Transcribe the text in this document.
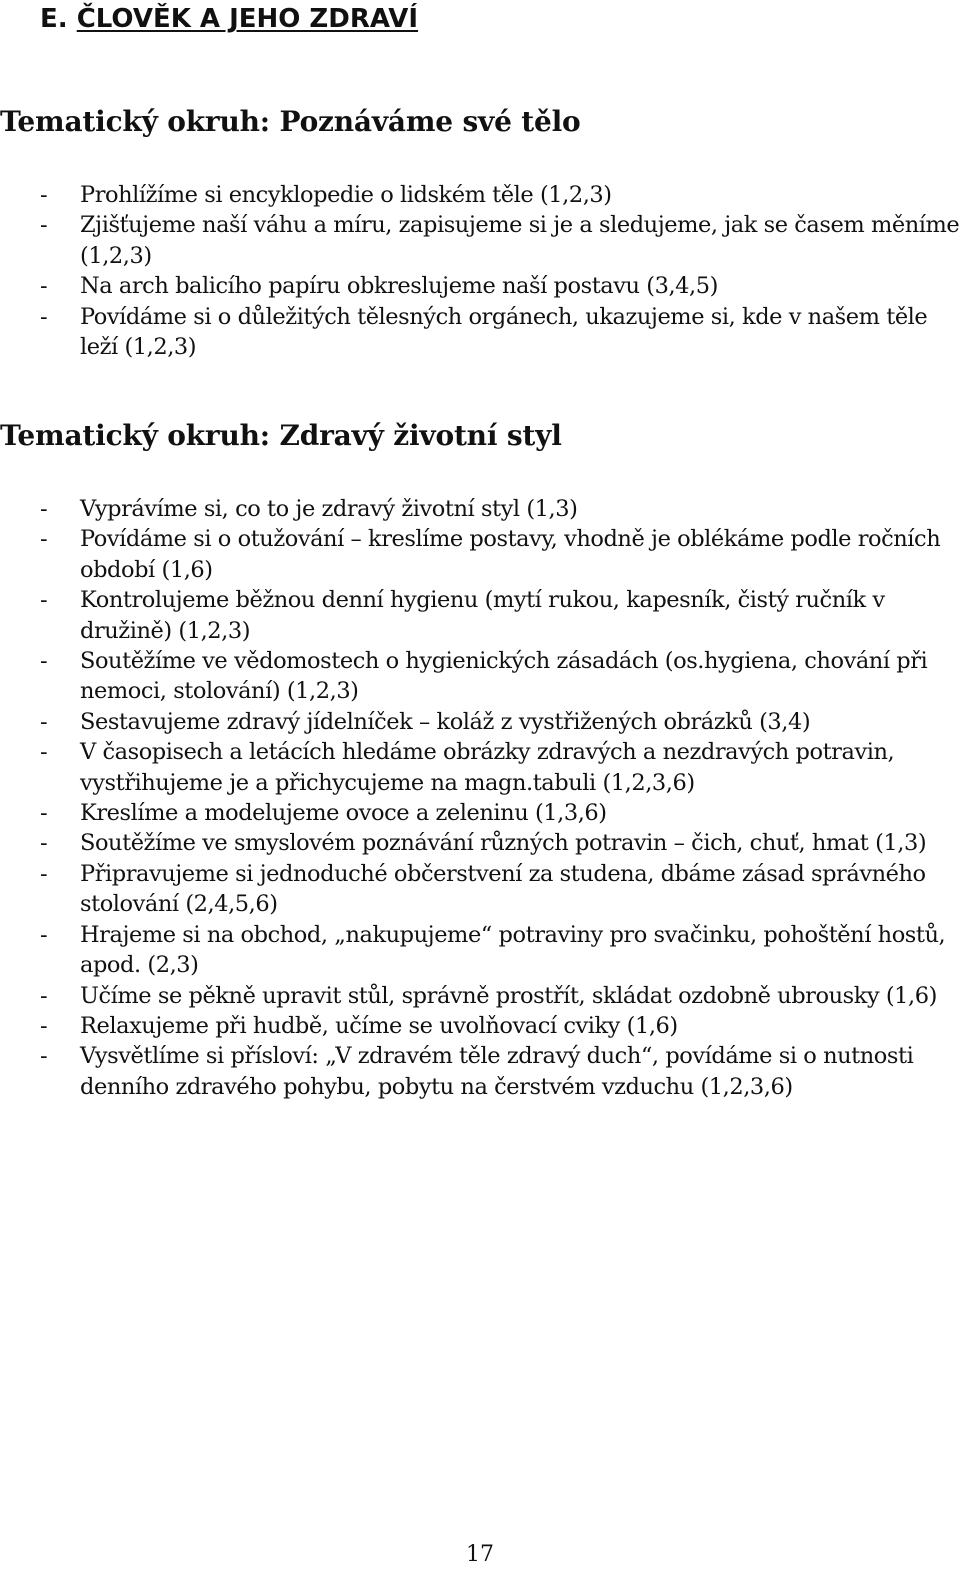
E. ČLOVĚK A JEHO ZDRAVÍ
Tematický okruh: Poznáváme své tělo
- Prohlížíme si encyklopedie o lidském těle (1,2,3)
- Zjišťujeme naší váhu a míru, zapisujeme si je a sledujeme, jak se časem měníme (1,2,3)
- Na arch balicího papíru obkreslujeme naší postavu (3,4,5)
- Povídáme si o důležitých tělesných orgánech, ukazujeme si, kde v našem těle leží (1,2,3)
Tematický okruh: Zdravý životní styl
- Vyprávíme si, co to je zdravý životní styl (1,3)
- Povídáme si o otužování – kreslíme postavy, vhodně je oblékáme podle ročních období (1,6)
- Kontrolujeme běžnou denní hygienu (mytí rukou, kapesník, čistý ručník v družině) (1,2,3)
- Soutěžíme ve vědomostech o hygienických zásadách (os.hygiena, chování při nemoci, stolování) (1,2,3)
- Sestavujeme zdravý jídelníček – koláž z vystřižených obrázků (3,4)
- V časopisech a letácích hledáme obrázky zdravých a nezdravých potravin, vystřihujeme je a přichycujeme na magn.tabuli (1,2,3,6)
- Kreslíme a modelujeme ovoce a zeleninu (1,3,6)
- Soutěžíme ve smyslovém poznávání různých potravin – čich, chuť, hmat (1,3)
- Připravujeme si jednoduché občerstvení za studena, dbáme zásad správného stolování (2,4,5,6)
- Hrajeme si na obchod, „nakupujeme“ potraviny pro svačinku, pohoštění hostů, apod. (2,3)
- Učíme se pěkně upravit stůl, správně prostřít, skládat ozdobně ubrousky (1,6)
- Relaxujeme při hudbě, učíme se uvolňovací cviky (1,6)
- Vysvětlíme si přísloví: „V zdravém těle zdravý duch“, povídáme si o nutnosti denního zdravého pohybu, pobytu na čerstvém vzduchu (1,2,3,6)
17
